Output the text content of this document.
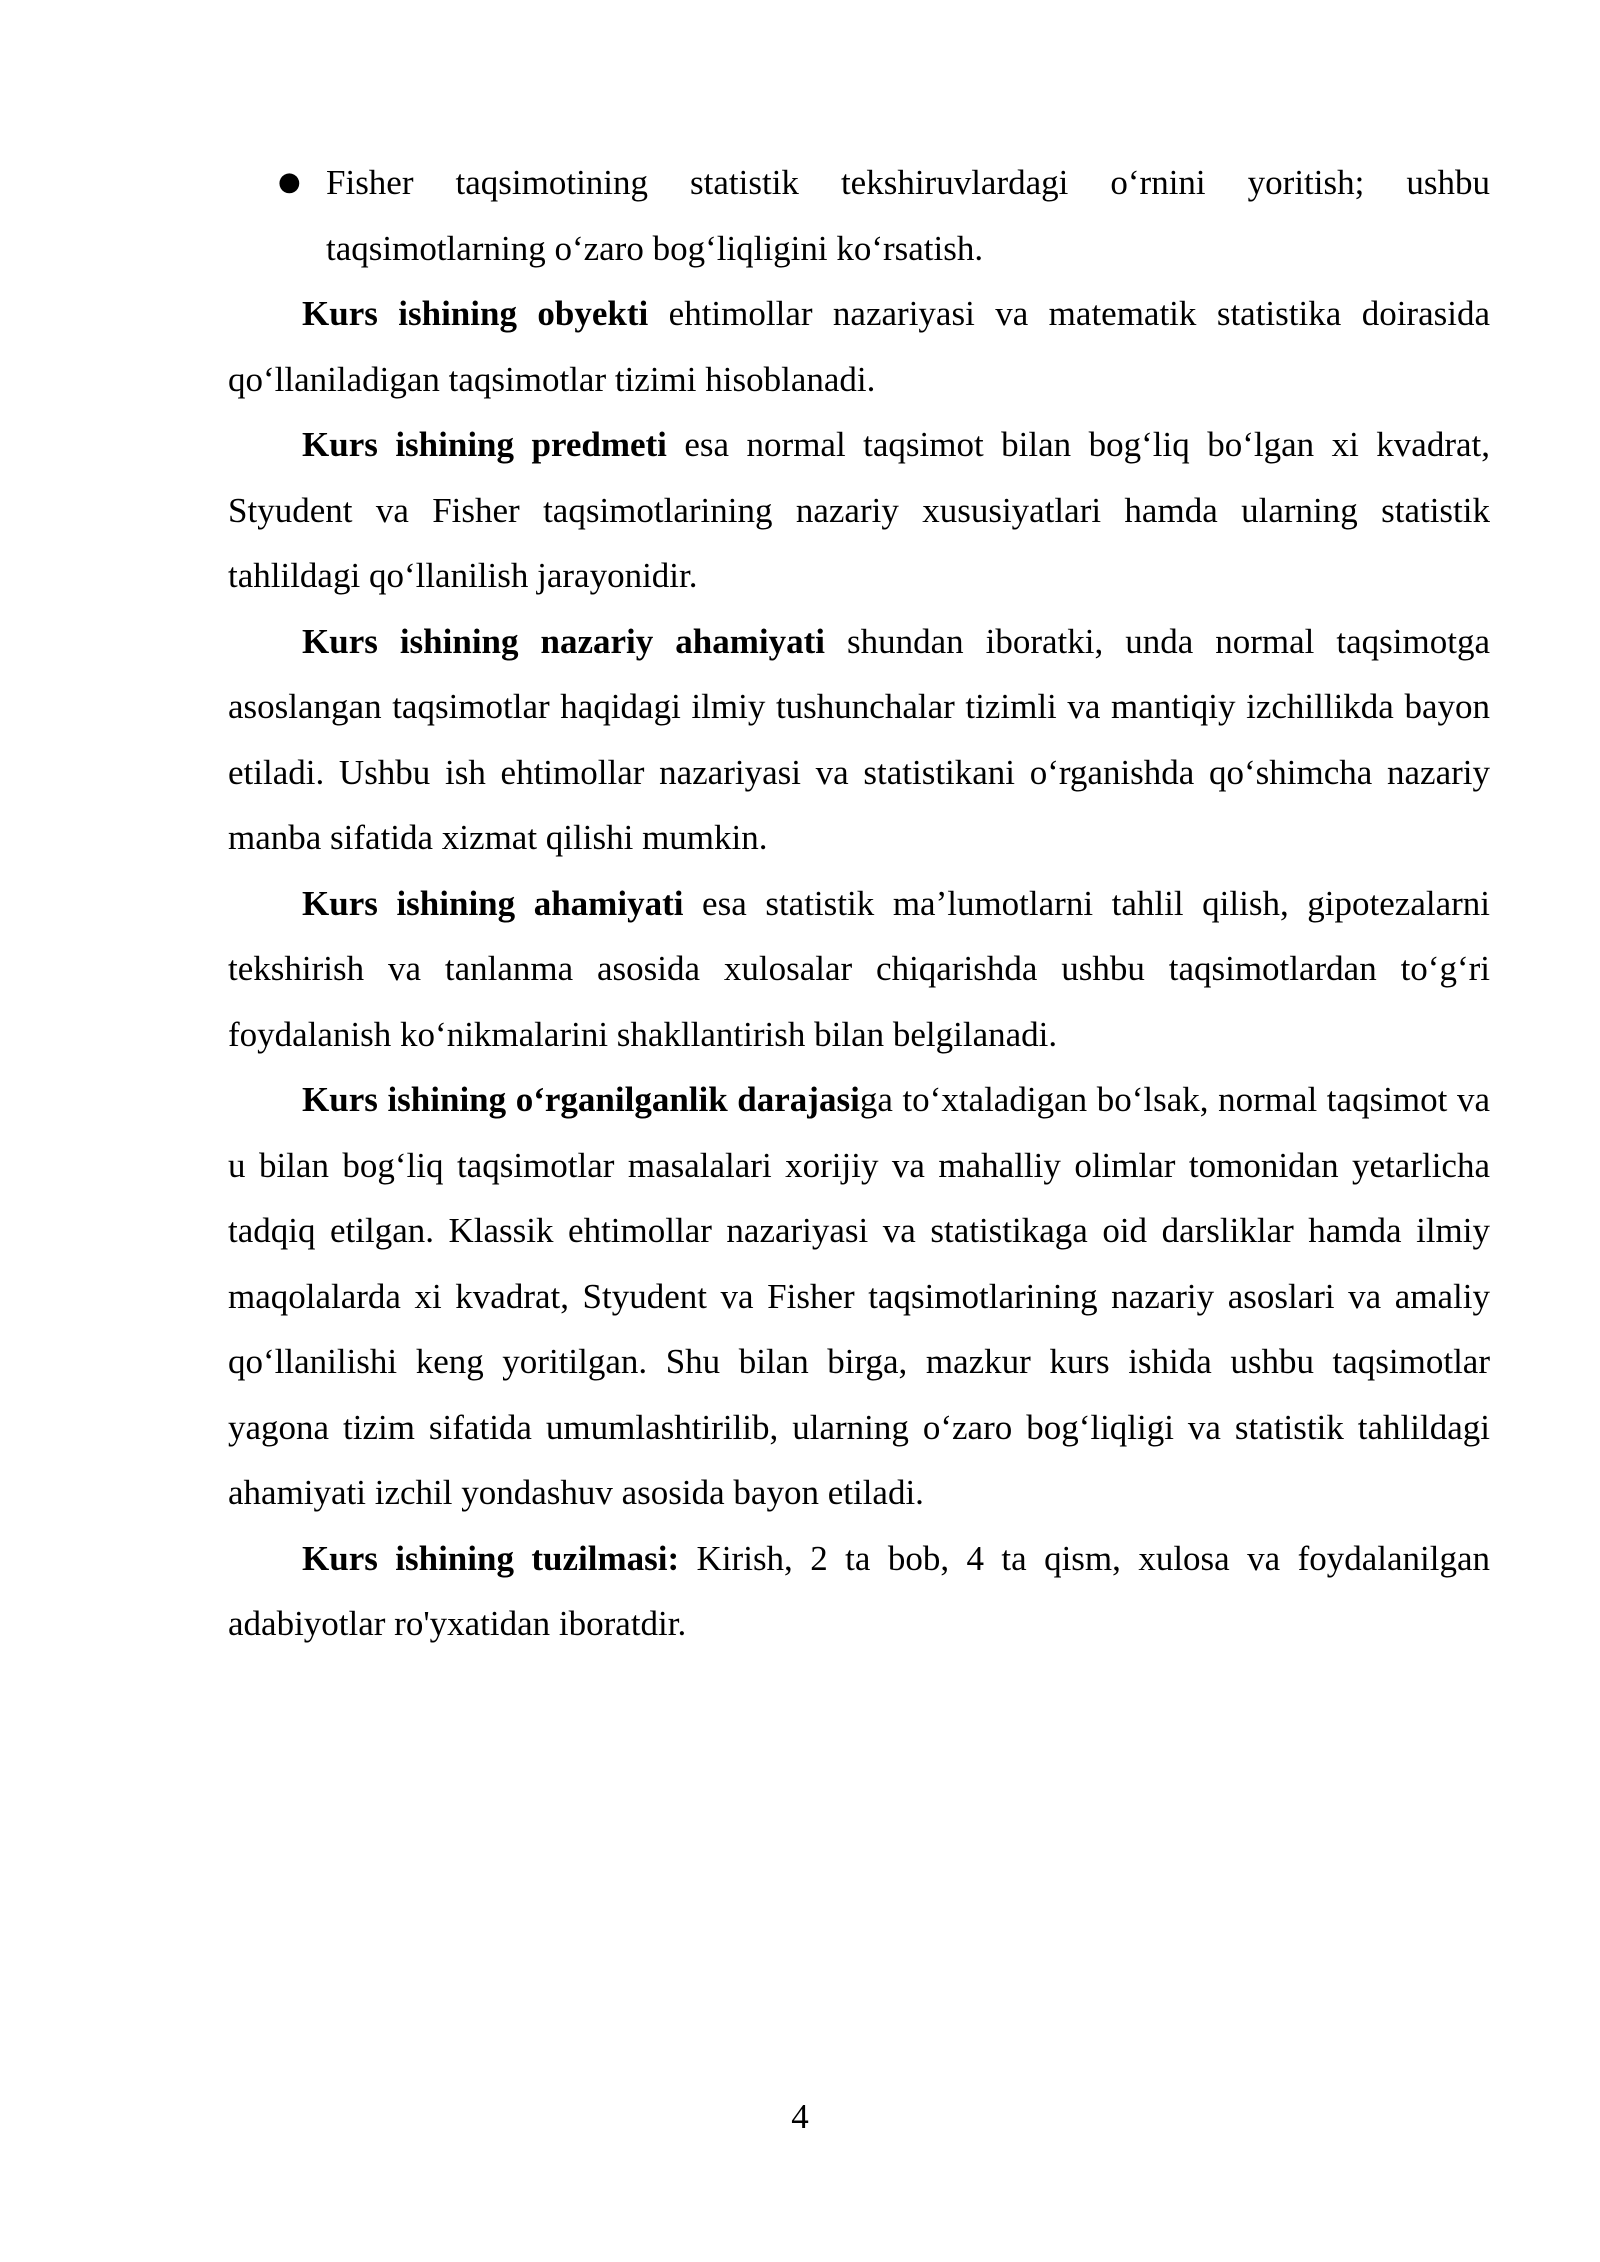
● Fisher taqsimotining statistik tekshiruvlardagi o‘rnini yoritish; ushbu taqsimotlarning o‘zaro bog‘liqligini ko‘rsatish.

Kurs ishining obyekti ehtimollar nazariyasi va matematik statistika doirasida qo‘llaniladigan taqsimotlar tizimi hisoblanadi.

Kurs ishining predmeti esa normal taqsimot bilan bog‘liq bo‘lgan xi kvadrat, Styudent va Fisher taqsimotlarining nazariy xususiyatlari hamda ularning statistik tahlildagi qo‘llanilish jarayonidir.

Kurs ishining nazariy ahamiyati shundan iboratki, unda normal taqsimotga asoslangan taqsimotlar haqidagi ilmiy tushunchalar tizimli va mantiqiy izchillikda bayon etiladi. Ushbu ish ehtimollar nazariyasi va statistikani o‘rganishda qo‘shimcha nazariy manba sifatida xizmat qilishi mumkin.

Kurs ishining ahamiyati esa statistik ma’lumotlarni tahlil qilish, gipotezalarni tekshirish va tanlanma asosida xulosalar chiqarishda ushbu taqsimotlardan to‘g‘ri foydalanish ko‘nikmalarini shakllantirish bilan belgilanadi.

Kurs ishining o‘rganilganlik darajasiga to‘xtaladigan bo‘lsak, normal taqsimot va u bilan bog‘liq taqsimotlar masalalari xorijiy va mahalliy olimlar tomonidan yetarlicha tadqiq etilgan. Klassik ehtimollar nazariyasi va statistikaga oid darsliklar hamda ilmiy maqolalarda xi kvadrat, Styudent va Fisher taqsimotlarining nazariy asoslari va amaliy qo‘llanilishi keng yoritilgan. Shu bilan birga, mazkur kurs ishida ushbu taqsimotlar yagona tizim sifatida umumlashtirilib, ularning o‘zaro bog‘liqligi va statistik tahlildagi ahamiyati izchil yondashuv asosida bayon etiladi.

Kurs ishining tuzilmasi: Kirish, 2 ta bob, 4 ta qism, xulosa va foydalanilgan adabiyotlar ro'yxatidan iboratdir.

4
